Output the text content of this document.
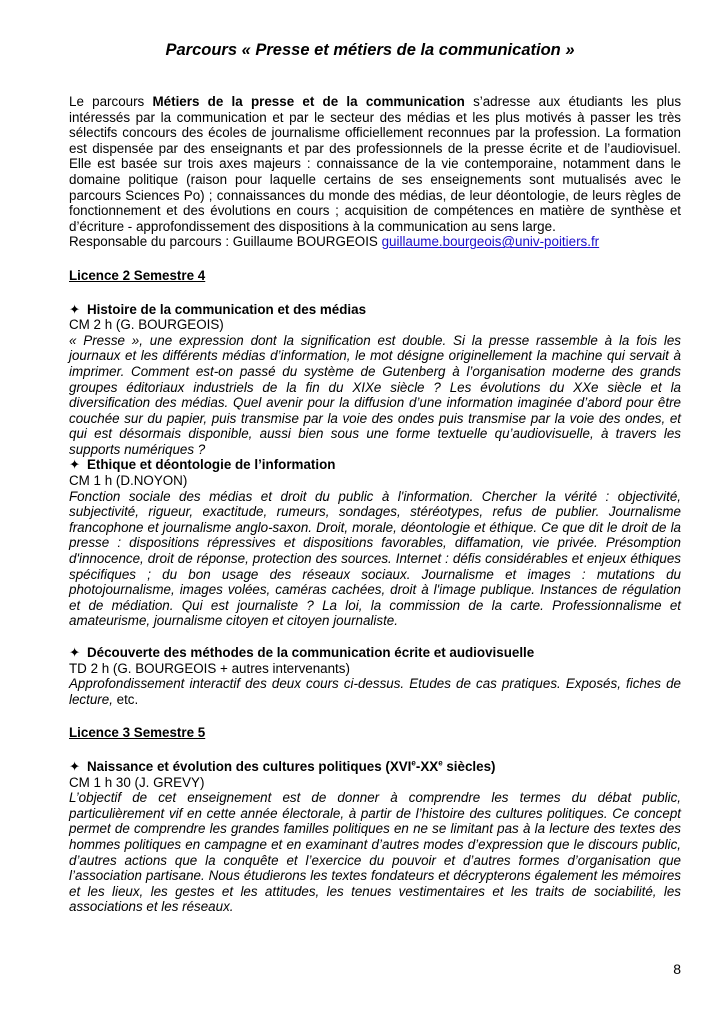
Parcours « Presse et métiers de la communication »

Le parcours Métiers de la presse et de la communication s’adresse aux étudiants les plus intéressés par la communication et par le secteur des médias et les plus motivés à passer les très sélectifs concours des écoles de journalisme officiellement reconnues par la profession. La formation est dispensée par des enseignants et par des professionnels de la presse écrite et de l’audiovisuel. Elle est basée sur trois axes majeurs : connaissance de la vie contemporaine, notamment dans le domaine politique (raison pour laquelle certains de ses enseignements sont mutualisés avec le parcours Sciences Po) ; connaissances du monde des médias, de leur déontologie, de leurs règles de fonctionnement et des évolutions en cours ; acquisition de compétences en matière de synthèse et d’écriture - approfondissement des dispositions à la communication au sens large.
Responsable du parcours : Guillaume BOURGEOIS guillaume.bourgeois@univ-poitiers.fr

Licence 2 Semestre 4
✦ Histoire de la communication et des médias
CM 2 h (G. BOURGEOIS)
« Presse », une expression dont la signification est double. Si la presse rassemble à la fois les journaux et les différents médias d’information, le mot désigne originellement la machine qui servait à imprimer. Comment est-on passé du système de Gutenberg à l’organisation moderne des grands groupes éditoriaux industriels de la fin du XIXe siècle ? Les évolutions du XXe siècle et la diversification des médias. Quel avenir pour la diffusion d’une information imaginée d’abord pour être couchée sur du papier, puis transmise par la voie des ondes puis transmise par la voie des ondes, et qui est désormais disponible, aussi bien sous une forme textuelle qu’audiovisuelle, à travers les supports numériques ?
✦ Ethique et déontologie de l’information
CM 1 h (D.NOYON)
Fonction sociale des médias et droit du public à l'information. Chercher la vérité : objectivité, subjectivité, rigueur, exactitude, rumeurs, sondages, stéréotypes, refus de publier. Journalisme francophone et journalisme anglo-saxon. Droit, morale, déontologie et éthique. Ce que dit le droit de la presse : dispositions répressives et dispositions favorables, diffamation, vie privée. Présomption d'innocence, droit de réponse, protection des sources. Internet : défis considérables et enjeux éthiques spécifiques ; du bon usage des réseaux sociaux. Journalisme et images : mutations du photojournalisme, images volées, caméras cachées, droit à l'image publique. Instances de régulation et de médiation. Qui est journaliste ? La loi, la commission de la carte. Professionnalisme et amateurisme, journalisme citoyen et citoyen journaliste.
✦ Découverte des méthodes de la communication écrite et audiovisuelle
TD 2 h (G. BOURGEOIS + autres intervenants)
Approfondissement interactif des deux cours ci-dessus. Etudes de cas pratiques. Exposés, fiches de lecture, etc.
Licence 3 Semestre 5
✦ Naissance et évolution des cultures politiques (XVIe-XXe siècles)
CM 1 h 30 (J. GREVY)
L’objectif de cet enseignement est de donner à comprendre les termes du débat public, particulièrement vif en cette année électorale, à partir de l’histoire des cultures politiques. Ce concept permet de comprendre les grandes familles politiques en ne se limitant pas à la lecture des textes des hommes politiques en campagne et en examinant d’autres modes d’expression que le discours public, d’autres actions que la conquête et l’exercice du pouvoir et d’autres formes d’organisation que l’association partisane. Nous étudierons les textes fondateurs et décrypterons également les mémoires et les lieux, les gestes et les attitudes, les tenues vestimentaires et les traits de sociabilité, les associations et les réseaux.
8
